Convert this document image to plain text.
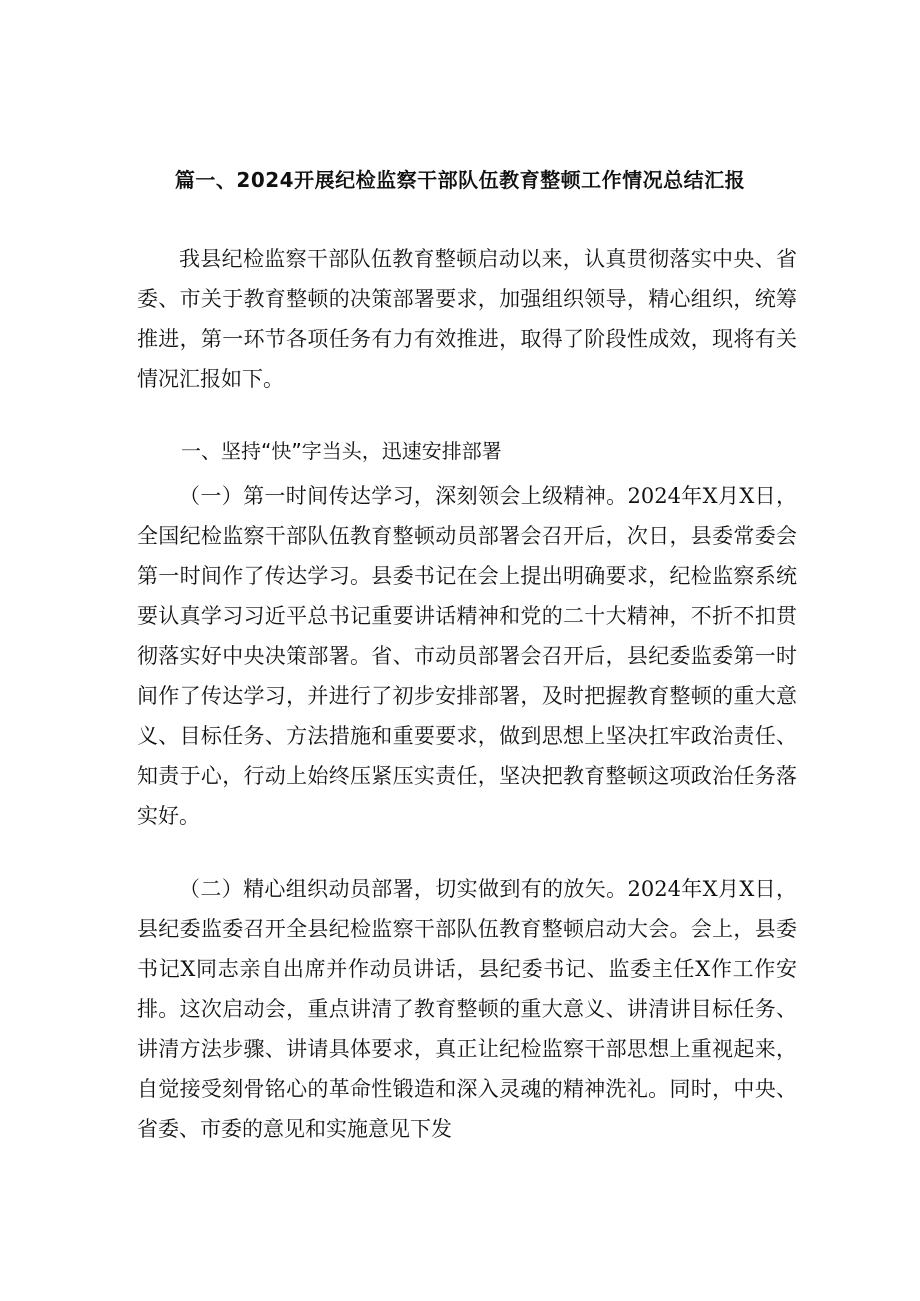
篇一、2024开展纪检监察干部队伍教育整顿工作情况总结汇报
我县纪检监察干部队伍教育整顿启动以来，认真贯彻落实中央、省委、市关于教育整顿的决策部署要求，加强组织领导，精心组织，统筹推进，第一环节各项任务有力有效推进，取得了阶段性成效，现将有关情况汇报如下。
一、坚持“快”字当头，迅速安排部署
（一）第一时间传达学习，深刻领会上级精神。2024年X月X日，全国纪检监察干部队伍教育整顿动员部署会召开后，次日，县委常委会第一时间作了传达学习。县委书记在会上提出明确要求，纪检监察系统要认真学习习近平总书记重要讲话精神和党的二十大精神，不折不扣贯彻落实好中央决策部署。省、市动员部署会召开后，县纪委监委第一时间作了传达学习，并进行了初步安排部署，及时把握教育整顿的重大意义、目标任务、方法措施和重要要求，做到思想上坚决扛牢政治责任、知责于心，行动上始终压紧压实责任，坚决把教育整顿这项政治任务落实好。
（二）精心组织动员部署，切实做到有的放矢。2024年X月X日，县纪委监委召开全县纪检监察干部队伍教育整顿启动大会。会上，县委书记X同志亲自出席并作动员讲话，县纪委书记、监委主任X作工作安排。这次启动会，重点讲清了教育整顿的重大意义、讲清讲目标任务、讲清方法步骤、讲请具体要求，真正让纪检监察干部思想上重视起来，自觉接受刻骨铭心的革命性锻造和深入灵魂的精神洗礼。同时，中央、省委、市委的意见和实施意见下发
